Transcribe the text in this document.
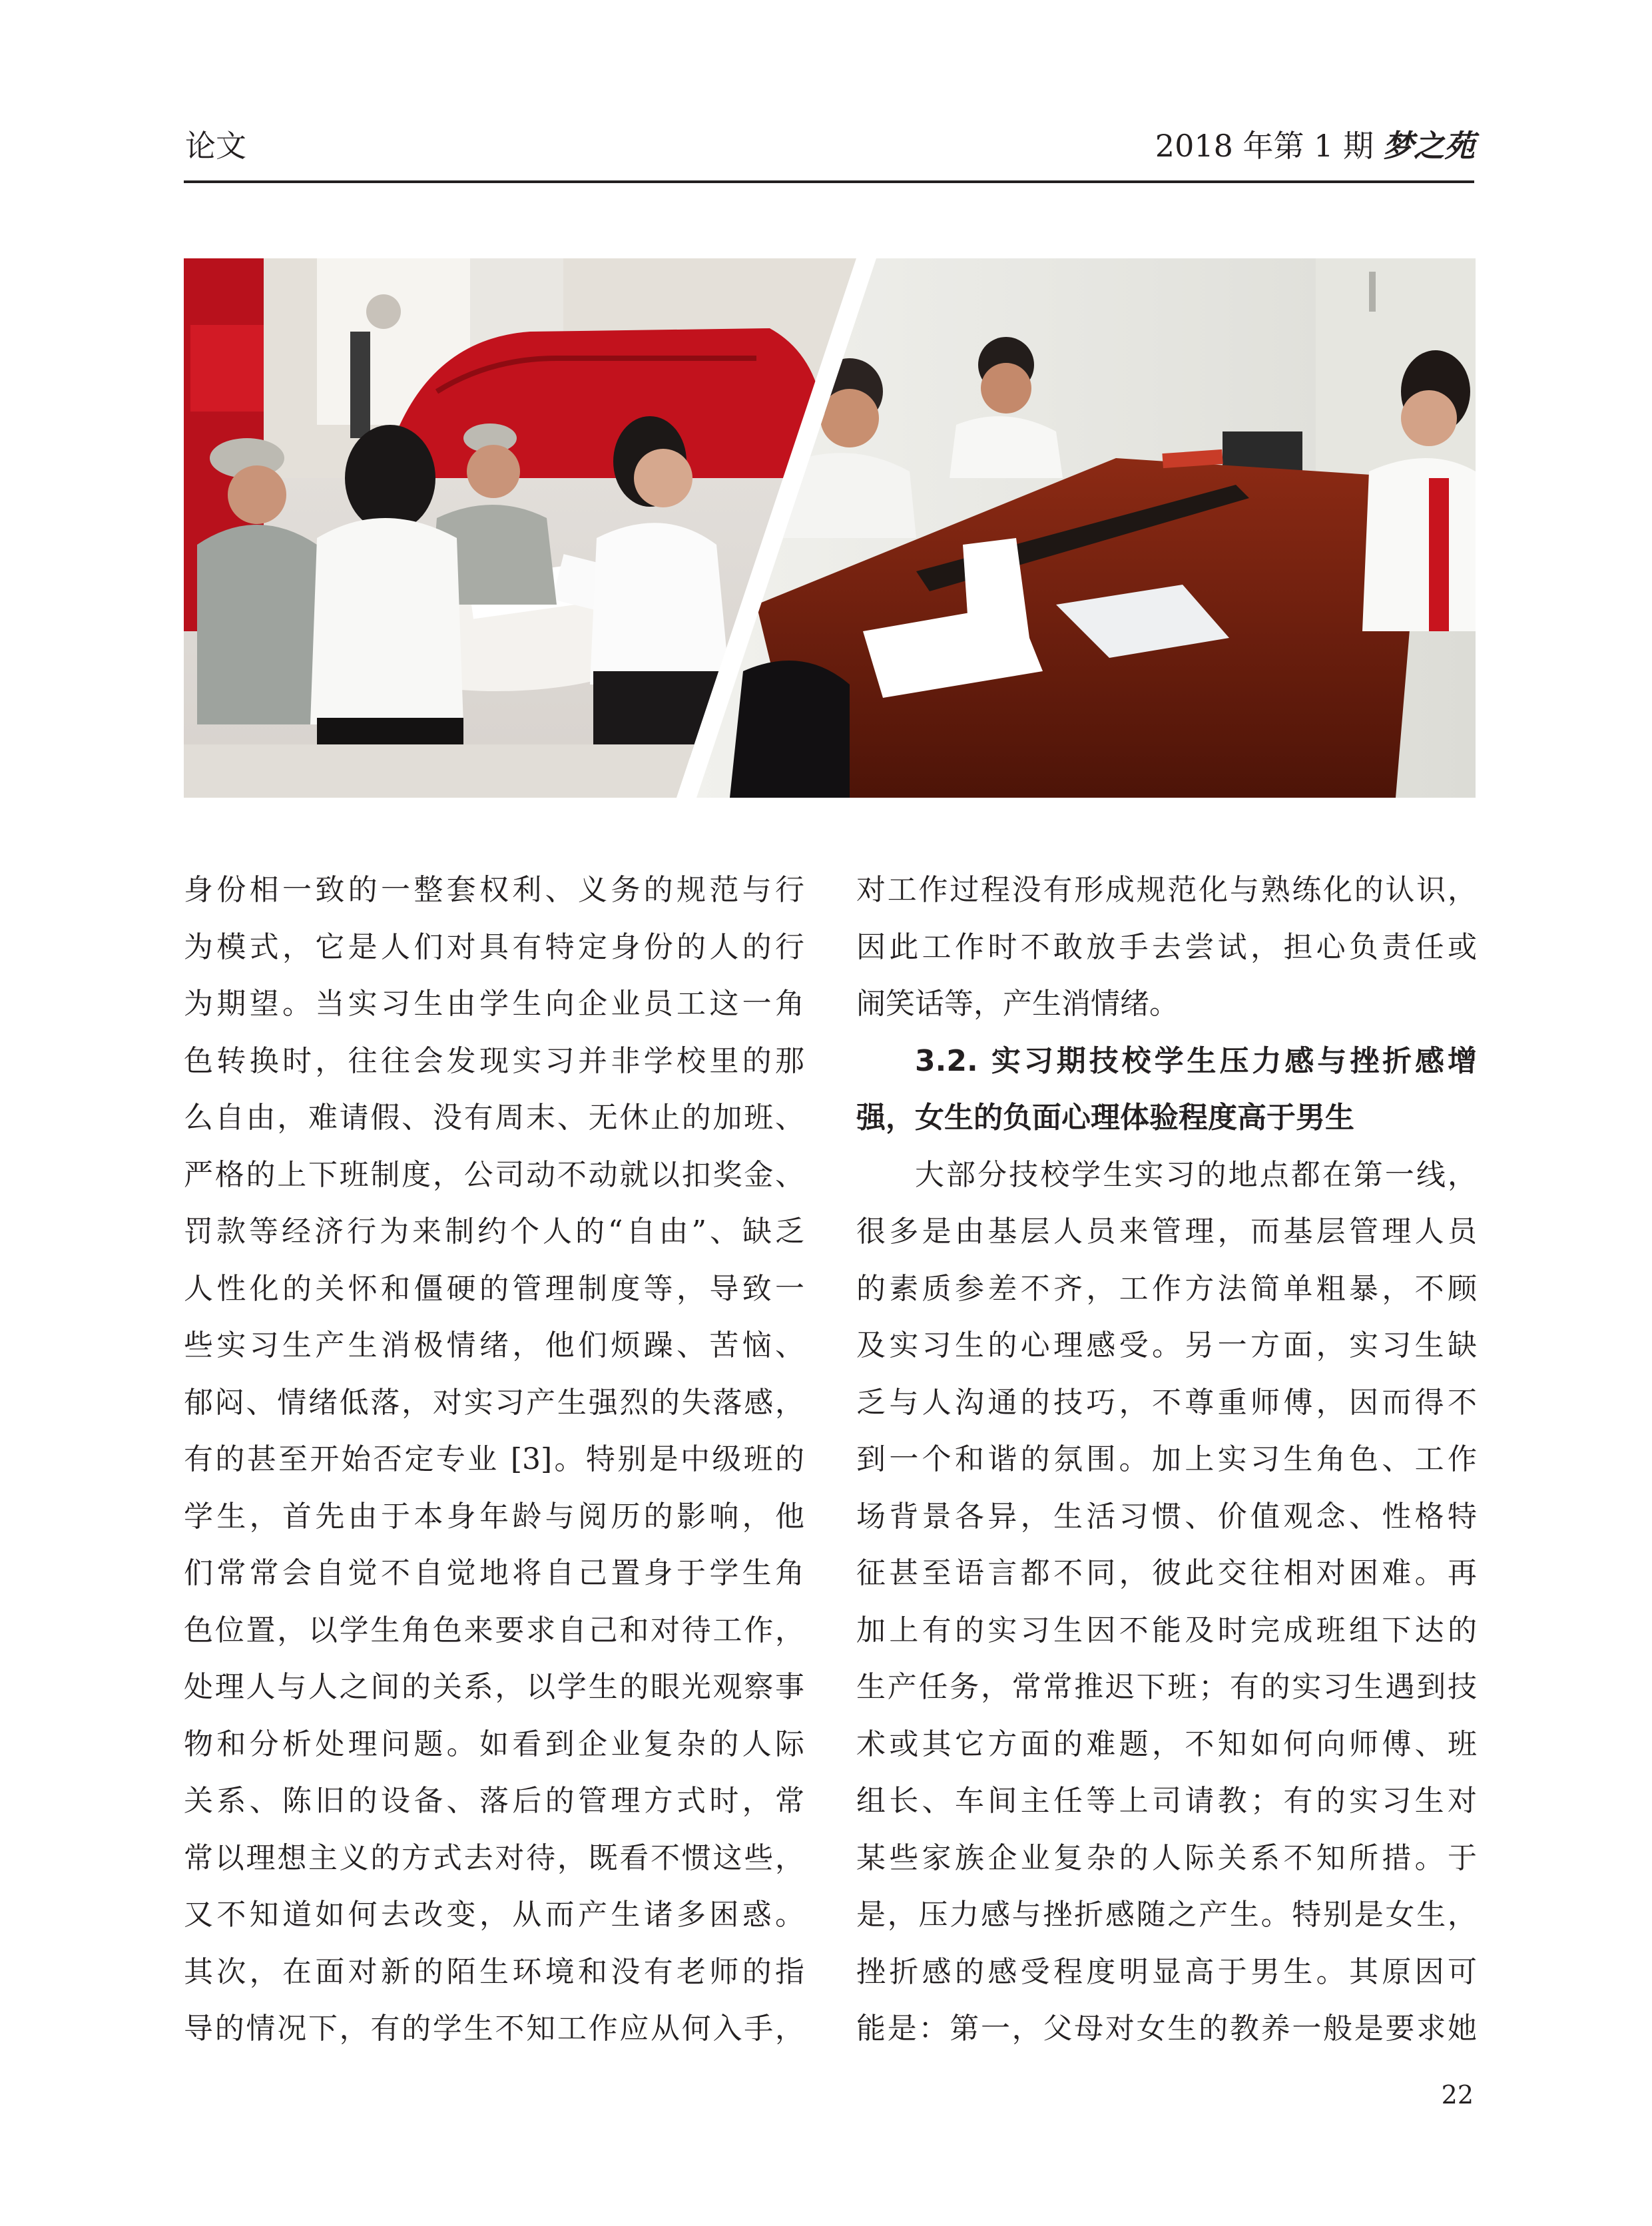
论文	2018 年第 1 期 梦之苑
身份相一致的一整套权利、义务的规范与行
为模式，它是人们对具有特定身份的人的行
为期望。当实习生由学生向企业员工这一角
色转换时，往往会发现实习并非学校里的那
么自由，难请假、没有周末、无休止的加班、
严格的上下班制度，公司动不动就以扣奖金、
罚款等经济行为来制约个人的“自由”、缺乏
人性化的关怀和僵硬的管理制度等，导致一
些实习生产生消极情绪，他们烦躁、苦恼、
郁闷、情绪低落，对实习产生强烈的失落感，
有的甚至开始否定专业 [3]。特别是中级班的
学生，首先由于本身年龄与阅历的影响，他
们常常会自觉不自觉地将自己置身于学生角
色位置，以学生角色来要求自己和对待工作，
处理人与人之间的关系，以学生的眼光观察事
物和分析处理问题。如看到企业复杂的人际
关系、陈旧的设备、落后的管理方式时，常
常以理想主义的方式去对待，既看不惯这些，
又不知道如何去改变，从而产生诸多困惑。
其次，在面对新的陌生环境和没有老师的指
导的情况下，有的学生不知工作应从何入手，
对工作过程没有形成规范化与熟练化的认识，
因此工作时不敢放手去尝试，担心负责任或
闹笑话等，产生消情绪。
3.2. 实习期技校学生压力感与挫折感增
强，女生的负面心理体验程度高于男生
大部分技校学生实习的地点都在第一线，
很多是由基层人员来管理，而基层管理人员
的素质参差不齐，工作方法简单粗暴，不顾
及实习生的心理感受。另一方面，实习生缺
乏与人沟通的技巧，不尊重师傅，因而得不
到一个和谐的氛围。加上实习生角色、工作
场背景各异，生活习惯、价值观念、性格特
征甚至语言都不同，彼此交往相对困难。再
加上有的实习生因不能及时完成班组下达的
生产任务，常常推迟下班；有的实习生遇到技
术或其它方面的难题，不知如何向师傅、班
组长、车间主任等上司请教；有的实习生对
某些家族企业复杂的人际关系不知所措。于
是，压力感与挫折感随之产生。特别是女生，
挫折感的感受程度明显高于男生。其原因可
能是：第一，父母对女生的教养一般是要求她
22
